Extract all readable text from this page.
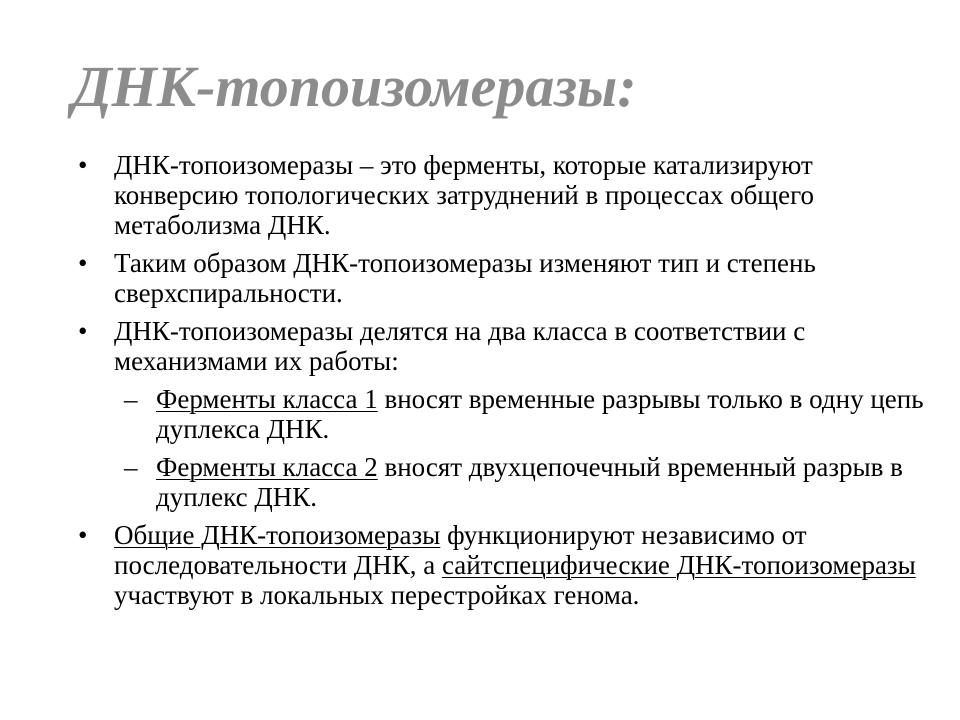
ДНК-топоизомеразы:
• ДНК-топоизомеразы – это ферменты, которые катализируют конверсию топологических затруднений в процессах общего метаболизма ДНК.
• Таким образом ДНК-топоизомеразы изменяют тип и степень сверхспиральности.
• ДНК-топоизомеразы делятся на два класса в соответствии с механизмами их работы:
– Ферменты класса 1 вносят временные разрывы только в одну цепь дуплекса ДНК.
– Ферменты класса 2 вносят двухцепочечный временный разрыв в дуплекс ДНК.
• Общие ДНК-топоизомеразы функционируют независимо от последовательности ДНК, а сайтспецифические ДНК-топоизомеразы участвуют в локальных перестройках генома.
